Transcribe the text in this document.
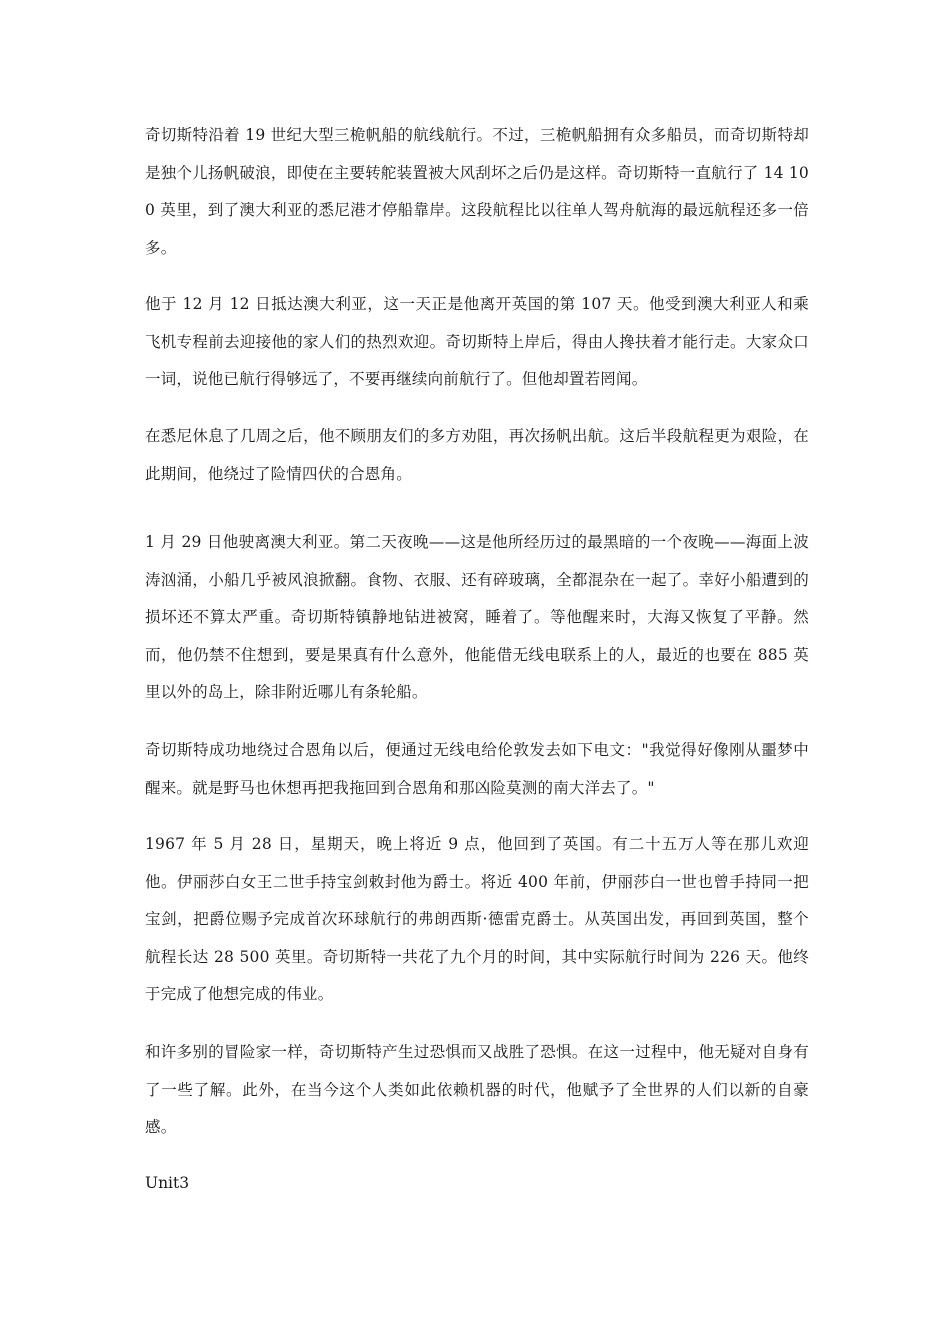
奇切斯特沿着 19 世纪大型三桅帆船的航线航行。不过，三桅帆船拥有众多船员，而奇切斯特却是独个儿扬帆破浪，即使在主要转舵装置被大风刮坏之后仍是这样。奇切斯特一直航行了 14 100 英里，到了澳大利亚的悉尼港才停船靠岸。这段航程比以往单人驾舟航海的最远航程还多一倍多。

他于 12 月 12 日抵达澳大利亚，这一天正是他离开英国的第 107 天。他受到澳大利亚人和乘飞机专程前去迎接他的家人们的热烈欢迎。奇切斯特上岸后，得由人搀扶着才能行走。大家众口一词，说他已航行得够远了，不要再继续向前航行了。但他却置若罔闻。

在悉尼休息了几周之后，他不顾朋友们的多方劝阻，再次扬帆出航。这后半段航程更为艰险，在此期间，他绕过了险情四伏的合恩角。

1 月 29 日他驶离澳大利亚。第二天夜晚——这是他所经历过的最黑暗的一个夜晚——海面上波涛汹涌，小船几乎被风浪掀翻。食物、衣服、还有碎玻璃，全都混杂在一起了。幸好小船遭到的损坏还不算太严重。奇切斯特镇静地钻进被窝，睡着了。等他醒来时，大海又恢复了平静。然而，他仍禁不住想到，要是果真有什么意外，他能借无线电联系上的人，最近的也要在 885 英里以外的岛上，除非附近哪儿有条轮船。

奇切斯特成功地绕过合恩角以后，便通过无线电给伦敦发去如下电文："我觉得好像刚从噩梦中醒来。就是野马也休想再把我拖回到合恩角和那凶险莫测的南大洋去了。"

1967 年 5 月 28 日，星期天，晚上将近 9 点，他回到了英国。有二十五万人等在那儿欢迎他。伊丽莎白女王二世手持宝剑敕封他为爵士。将近 400 年前，伊丽莎白一世也曾手持同一把宝剑，把爵位赐予完成首次环球航行的弗朗西斯·德雷克爵士。从英国出发，再回到英国，整个航程长达 28 500 英里。奇切斯特一共花了九个月的时间，其中实际航行时间为 226 天。他终于完成了他想完成的伟业。

和许多别的冒险家一样，奇切斯特产生过恐惧而又战胜了恐惧。在这一过程中，他无疑对自身有了一些了解。此外，在当今这个人类如此依赖机器的时代，他赋予了全世界的人们以新的自豪感。

Unit3
